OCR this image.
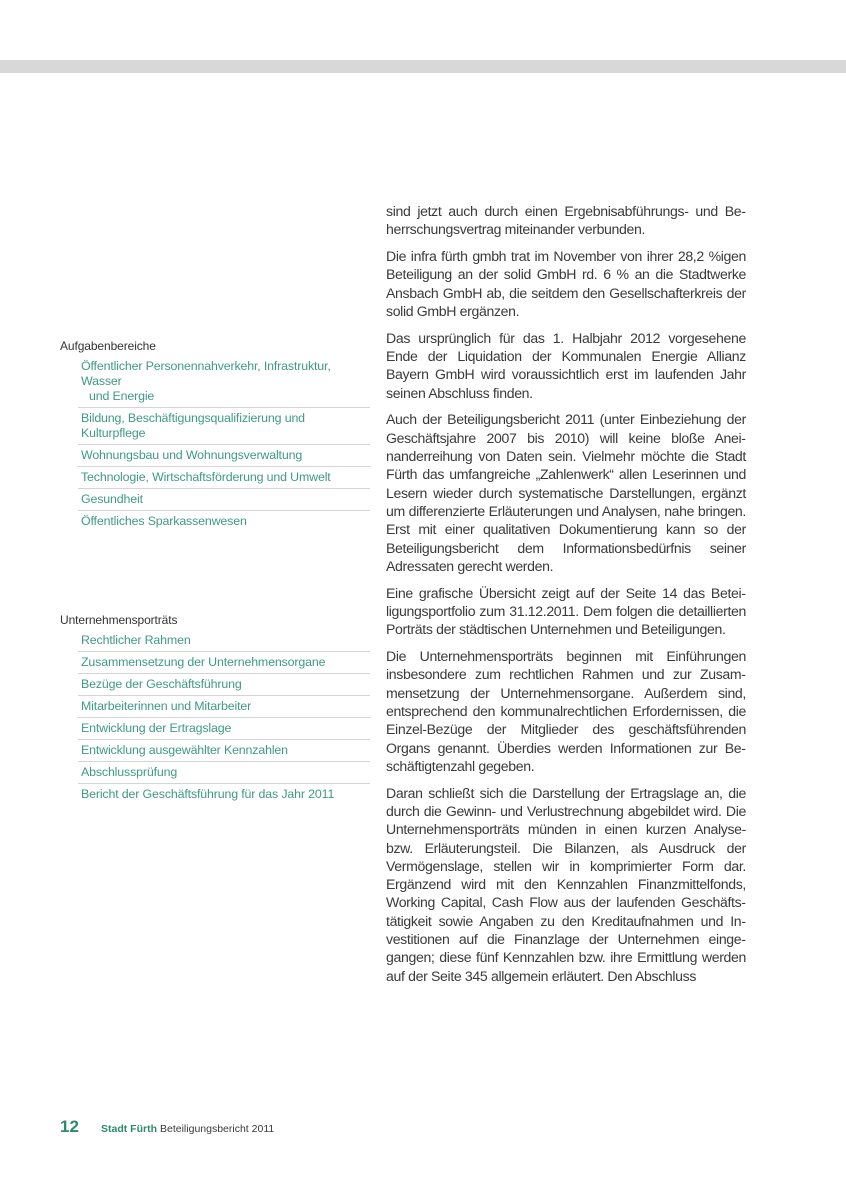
Aufgabenbereiche
Öffentlicher Personennahverkehr, Infrastruktur, Wasser
und Energie
Bildung, Beschäftigungsqualifizierung und Kulturpflege
Wohnungsbau und Wohnungsverwaltung
Technologie, Wirtschaftsförderung und Umwelt
Gesundheit
Öffentliches Sparkassenwesen
Unternehmensporträts
Rechtlicher Rahmen
Zusammensetzung der Unternehmensorgane
Bezüge der Geschäftsführung
Mitarbeiterinnen und Mitarbeiter
Entwicklung der Ertragslage
Entwicklung ausgewählter Kennzahlen
Abschlussprüfung
Bericht der Geschäftsführung für das Jahr 2011

sind jetzt auch durch einen Ergebnisabführungs- und Beherrschungsvertrag miteinander verbunden.

Die infra fürth gmbh trat im November von ihrer 28,2 %igen Beteiligung an der solid GmbH rd. 6 % an die Stadtwerke Ansbach GmbH ab, die seitdem den Gesellschafterkreis der solid GmbH ergänzen.

Das ursprünglich für das 1. Halbjahr 2012 vorgesehene Ende der Liquidation der Kommunalen Energie Allianz Bayern GmbH wird voraussichtlich erst im laufenden Jahr seinen Abschluss finden.

Auch der Beteiligungsbericht 2011 (unter Einbeziehung der Geschäftsjahre 2007 bis 2010) will keine bloße Aneinanderreihung von Daten sein. Vielmehr möchte die Stadt Fürth das umfangreiche „Zahlenwerk“ allen Leserinnen und Lesern wieder durch systematische Darstellungen, ergänzt um differenzierte Erläuterungen und Analysen, nahe bringen. Erst mit einer qualitativen Dokumentierung kann so der Beteiligungsbericht dem Informationsbedürfnis seiner Adressaten gerecht werden.

Eine grafische Übersicht zeigt auf der Seite 14 das Beteiligungsportfolio zum 31.12.2011. Dem folgen die detaillierten Porträts der städtischen Unternehmen und Beteiligungen.

Die Unternehmensporträts beginnen mit Einführungen insbesondere zum rechtlichen Rahmen und zur Zusammensetzung der Unternehmensorgane. Außerdem sind, entsprechend den kommunalrechtlichen Erfordernissen, die Einzel-Bezüge der Mitglieder des geschäftsführenden Organs genannt. Überdies werden Informationen zur Beschäftigtenzahl gegeben.

Daran schließt sich die Darstellung der Ertragslage an, die durch die Gewinn- und Verlustrechnung abgebildet wird. Die Unternehmensporträts münden in einen kurzen Analyse- bzw. Erläuterungsteil. Die Bilanzen, als Ausdruck der Vermögenslage, stellen wir in komprimierter Form dar. Ergänzend wird mit den Kennzahlen Finanzmittelfonds, Working Capital, Cash Flow aus der laufenden Geschäftstätigkeit sowie Angaben zu den Kreditaufnahmen und Investitionen auf die Finanzlage der Unternehmen eingegangen; diese fünf Kennzahlen bzw. ihre Ermittlung werden auf der Seite 345 allgemein erläutert. Den Abschluss

12	Stadt Fürth Beteiligungsbericht 2011
